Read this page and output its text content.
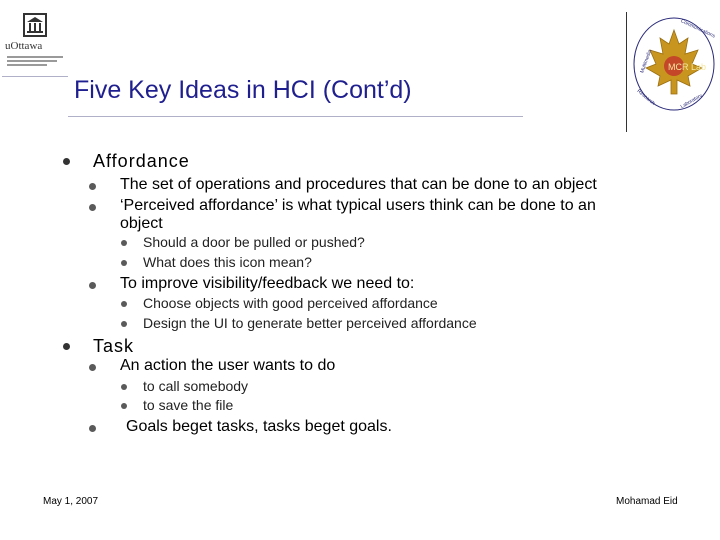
uOttawa
Five Key Ideas in HCI (Cont’d)
MCR Lab
Multimedia
Communications
Research	Laboratory
Affordance
The set of operations and procedures that can be done to an object
‘Perceived affordance’ is what typical users think can be done to an
object
Should a door be pulled or pushed?
What does this icon mean?
To improve visibility/feedback we need to:
Choose objects with good perceived affordance
Design the UI to generate better perceived affordance
Task
An action the user wants to do
to call somebody
to save the file
Goals beget tasks, tasks beget goals.
May 1, 2007	Mohamad Eid
